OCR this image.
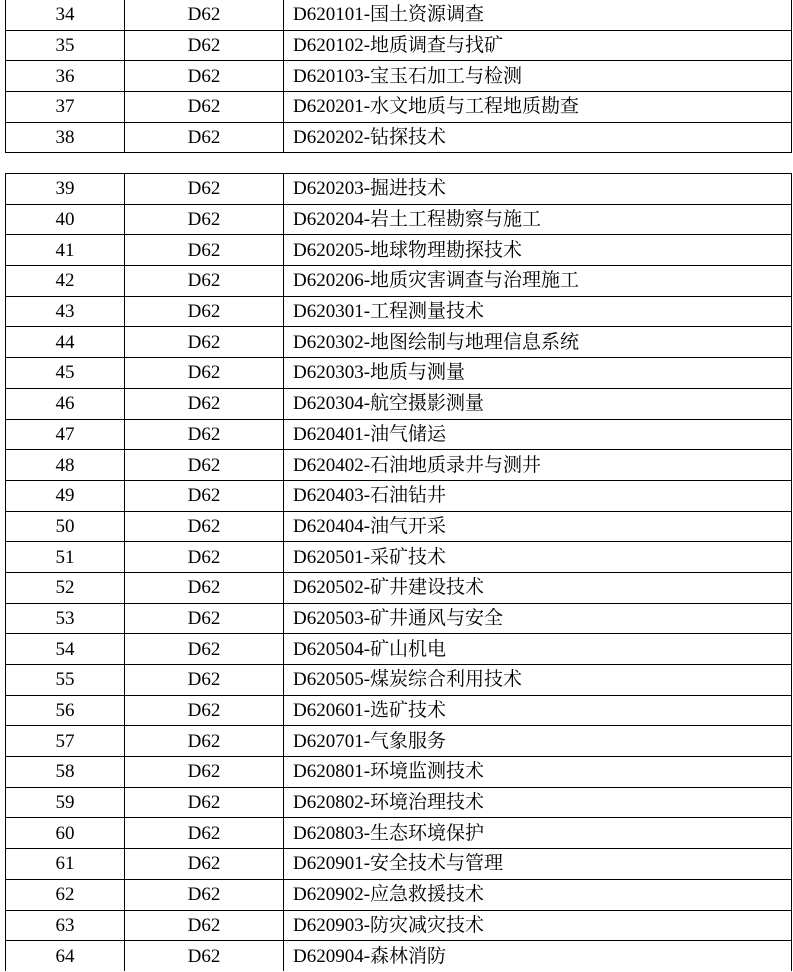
34	D62	D620101-国土资源调查
35	D62	D620102-地质调查与找矿
36	D62	D620103-宝玉石加工与检测
37	D62	D620201-水文地质与工程地质勘查
38	D62	D620202-钻探技术
39	D62	D620203-掘进技术
40	D62	D620204-岩土工程勘察与施工
41	D62	D620205-地球物理勘探技术
42	D62	D620206-地质灾害调查与治理施工
43	D62	D620301-工程测量技术
44	D62	D620302-地图绘制与地理信息系统
45	D62	D620303-地质与测量
46	D62	D620304-航空摄影测量
47	D62	D620401-油气储运
48	D62	D620402-石油地质录井与测井
49	D62	D620403-石油钻井
50	D62	D620404-油气开采
51	D62	D620501-采矿技术
52	D62	D620502-矿井建设技术
53	D62	D620503-矿井通风与安全
54	D62	D620504-矿山机电
55	D62	D620505-煤炭综合利用技术
56	D62	D620601-选矿技术
57	D62	D620701-气象服务
58	D62	D620801-环境监测技术
59	D62	D620802-环境治理技术
60	D62	D620803-生态环境保护
61	D62	D620901-安全技术与管理
62	D62	D620902-应急救援技术
63	D62	D620903-防灾减灾技术
64	D62	D620904-森林消防
